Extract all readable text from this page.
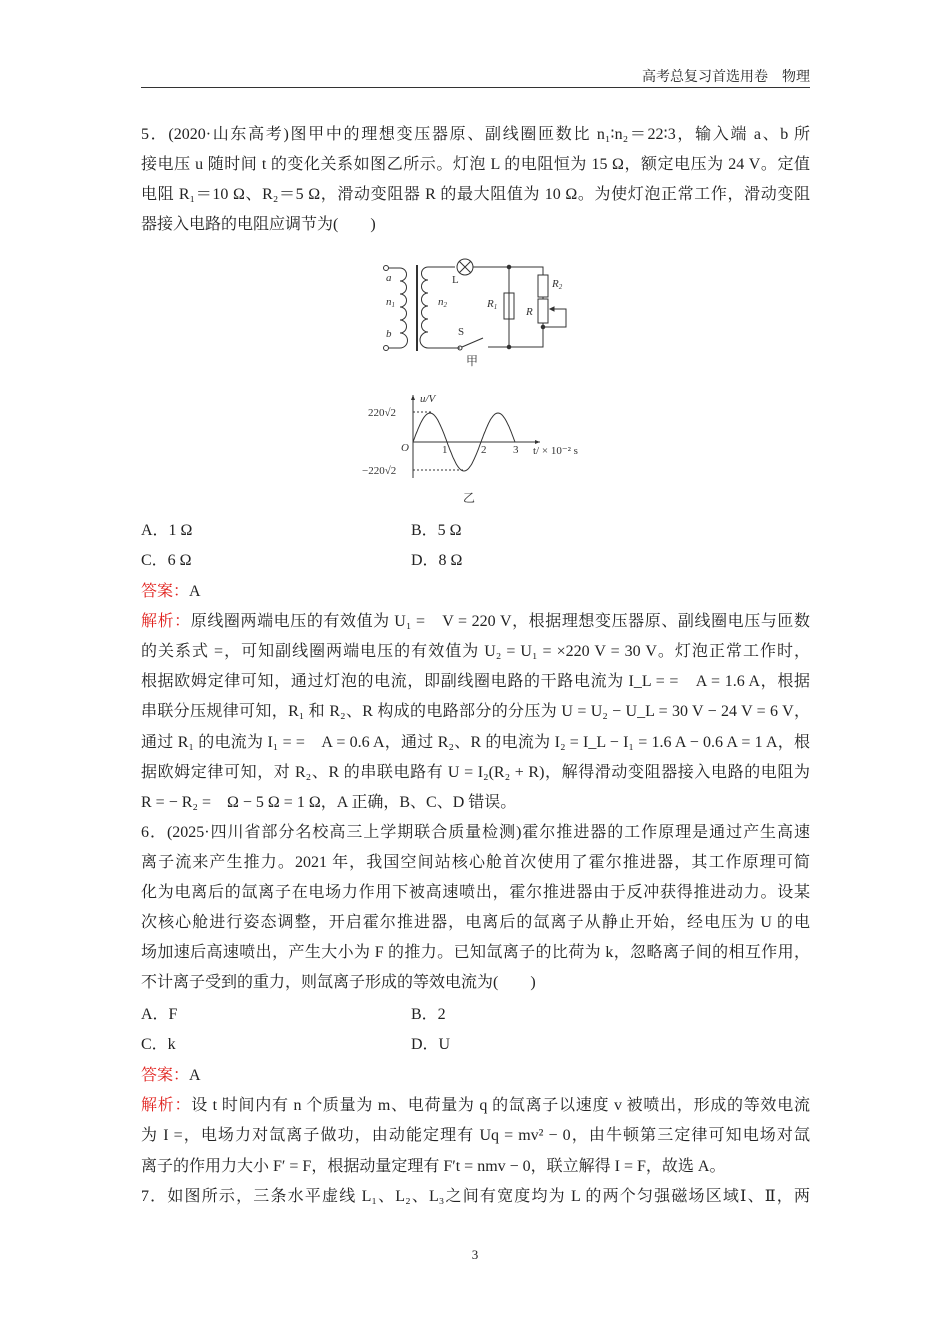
高考总复习首选用卷　物理
5．(2020·山东高考)图甲中的理想变压器原、副线圈匝数比 n₁∶n₂＝22∶3，输入端 a、b 所
接电压 u 随时间 t 的变化关系如图乙所示。灯泡 L 的电阻恒为 15 Ω，额定电压为 24 V。定值
电阻 R₁＝10 Ω、R₂＝5 Ω，滑动变阻器 R 的最大阻值为 10 Ω。为使灯泡正常工作，滑动变阻
器接入电路的电阻应调节为(　　)
a
b
n1	n2	R1
R2
R
L
S
甲
u/V
220√2
−220√2
O	1	2 3 t/ × 10⁻² s
乙
A．1 Ω	B．5 Ω
C．6 Ω	D．8 Ω
答案：A
解析：原线圈两端电压的有效值为 U₁ =　V = 220 V，根据理想变压器原、副线圈电压与匝数
的关系式 =，可知副线圈两端电压的有效值为 U₂ = U₁ = ×220 V = 30 V。灯泡正常工作时，
根据欧姆定律可知，通过灯泡的电流，即副线圈电路的干路电流为 I_L = =　A = 1.6 A，根据
串联分压规律可知，R₁ 和 R₂、R 构成的电路部分的分压为 U = U₂ − U_L = 30 V − 24 V = 6 V，
通过 R₁ 的电流为 I₁ = =　A = 0.6 A，通过 R₂、R 的电流为 I₂ = I_L − I₁ = 1.6 A − 0.6 A = 1 A，根
据欧姆定律可知，对 R₂、R 的串联电路有 U = I₂(R₂ + R)，解得滑动变阻器接入电路的电阻为
R = − R₂ =　Ω − 5 Ω = 1 Ω，A 正确，B、C、D 错误。
6．(2025·四川省部分名校高三上学期联合质量检测)霍尔推进器的工作原理是通过产生高速
离子流来产生推力。2021 年，我国空间站核心舱首次使用了霍尔推进器，其工作原理可简
化为电离后的氙离子在电场力作用下被高速喷出，霍尔推进器由于反冲获得推进动力。设某
次核心舱进行姿态调整，开启霍尔推进器，电离后的氙离子从静止开始，经电压为 U 的电
场加速后高速喷出，产生大小为 F 的推力。已知氙离子的比荷为 k，忽略离子间的相互作用，
不计离子受到的重力，则氙离子形成的等效电流为(　　)
A．F	B．2
C．k	D．U
答案：A
解析：设 t 时间内有 n 个质量为 m、电荷量为 q 的氙离子以速度 v 被喷出，形成的等效电流
为 I =，电场力对氙离子做功，由动能定理有 Uq = mv² − 0，由牛顿第三定律可知电场对氙
离子的作用力大小 F′ = F，根据动量定理有 F′t = nmv − 0，联立解得 I = F，故选 A。
7．如图所示，三条水平虚线 L₁、L₂、L₃之间有宽度均为 L 的两个匀强磁场区域Ⅰ、Ⅱ，两
3
